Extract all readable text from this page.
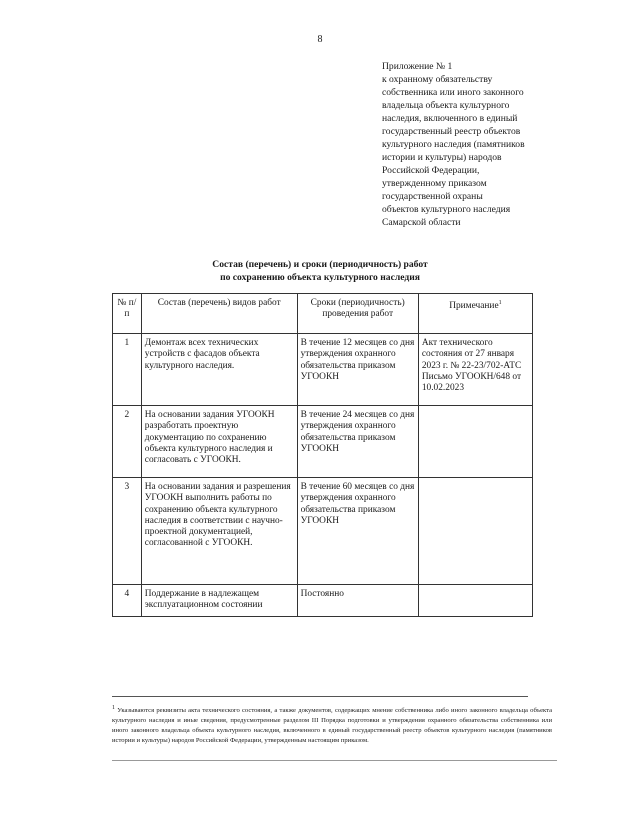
8
Приложение № 1
к охранному обязательству
собственника или иного законного
владельца объекта культурного
наследия, включенного в единый
государственный реестр объектов
культурного наследия (памятников
истории и культуры) народов
Российской Федерации,
утвержденному приказом
государственной охраны
объектов культурного наследия
Самарской области
Состав (перечень) и сроки (периодичность) работ
по сохранению объекта культурного наследия
№ п/п	Состав (перечень) видов работ	Сроки (периодичность) проведения работ	Примечание$^1$
1	Демонтаж всех технических устройств с фасадов объекта культурного наследия.	В течение 12 месяцев со дня утверждения охранного обязательства приказом УГООКН	Акт технического состояния от 27 января 2023 г. № 22-23/702-АТС Письмо УГООКН/648 от 10.02.2023
2	На основании задания УГООКН разработать проектную документацию по сохранению объекта культурного наследия и согласовать с УГООКН.	В течение 24 месяцев со дня утверждения охранного обязательства приказом УГООКН	
3	На основании задания и разрешения УГООКН выполнить работы по сохранению объекта культурного наследия в соответствии с научно-проектной документацией, согласованной с УГООКН.	В течение 60 месяцев со дня утверждения охранного обязательства приказом УГООКН	
4	Поддержание в надлежащем эксплуатационном состоянии	Постоянно	
$^1$ Указываются реквизиты акта технического состояния, а также документов, содержащих мнение собственника либо иного законного владельца объекта культурного наследия и иные сведения, предусмотренные разделом III Порядка подготовки и утверждения охранного обязательства собственника или иного законного владельца объекта культурного наследия, включенного в единый государственный реестр объектов культурного наследия (памятников истории и культуры) народов Российской Федерации, утвержденным настоящим приказом.
